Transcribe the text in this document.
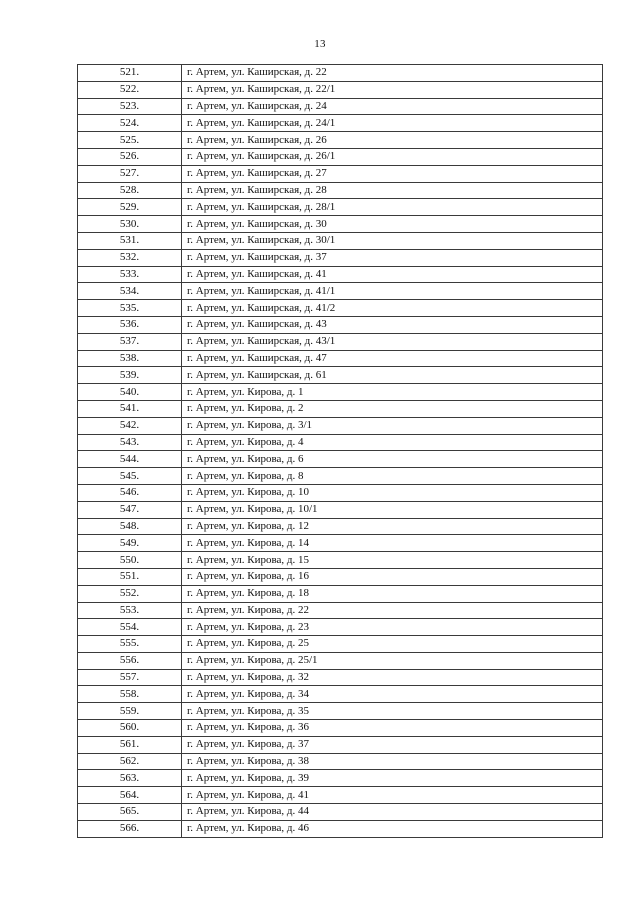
13
521.	г. Артем, ул. Каширская, д. 22
522.	г. Артем, ул. Каширская, д. 22/1
523.	г. Артем, ул. Каширская, д. 24
524.	г. Артем, ул. Каширская, д. 24/1
525.	г. Артем, ул. Каширская, д. 26
526.	г. Артем, ул. Каширская, д. 26/1
527.	г. Артем, ул. Каширская, д. 27
528.	г. Артем, ул. Каширская, д. 28
529.	г. Артем, ул. Каширская, д. 28/1
530.	г. Артем, ул. Каширская, д. 30
531.	г. Артем, ул. Каширская, д. 30/1
532.	г. Артем, ул. Каширская, д. 37
533.	г. Артем, ул. Каширская, д. 41
534.	г. Артем, ул. Каширская, д. 41/1
535.	г. Артем, ул. Каширская, д. 41/2
536.	г. Артем, ул. Каширская, д. 43
537.	г. Артем, ул. Каширская, д. 43/1
538.	г. Артем, ул. Каширская, д. 47
539.	г. Артем, ул. Каширская, д. 61
540.	г. Артем, ул. Кирова, д. 1
541.	г. Артем, ул. Кирова, д. 2
542.	г. Артем, ул. Кирова, д. 3/1
543.	г. Артем, ул. Кирова, д. 4
544.	г. Артем, ул. Кирова, д. 6
545.	г. Артем, ул. Кирова, д. 8
546.	г. Артем, ул. Кирова, д. 10
547.	г. Артем, ул. Кирова, д. 10/1
548.	г. Артем, ул. Кирова, д. 12
549.	г. Артем, ул. Кирова, д. 14
550.	г. Артем, ул. Кирова, д. 15
551.	г. Артем, ул. Кирова, д. 16
552.	г. Артем, ул. Кирова, д. 18
553.	г. Артем, ул. Кирова, д. 22
554.	г. Артем, ул. Кирова, д. 23
555.	г. Артем, ул. Кирова, д. 25
556.	г. Артем, ул. Кирова, д. 25/1
557.	г. Артем, ул. Кирова, д. 32
558.	г. Артем, ул. Кирова, д. 34
559.	г. Артем, ул. Кирова, д. 35
560.	г. Артем, ул. Кирова, д. 36
561.	г. Артем, ул. Кирова, д. 37
562.	г. Артем, ул. Кирова, д. 38
563.	г. Артем, ул. Кирова, д. 39
564.	г. Артем, ул. Кирова, д. 41
565.	г. Артем, ул. Кирова, д. 44
566.	г. Артем, ул. Кирова, д. 46
